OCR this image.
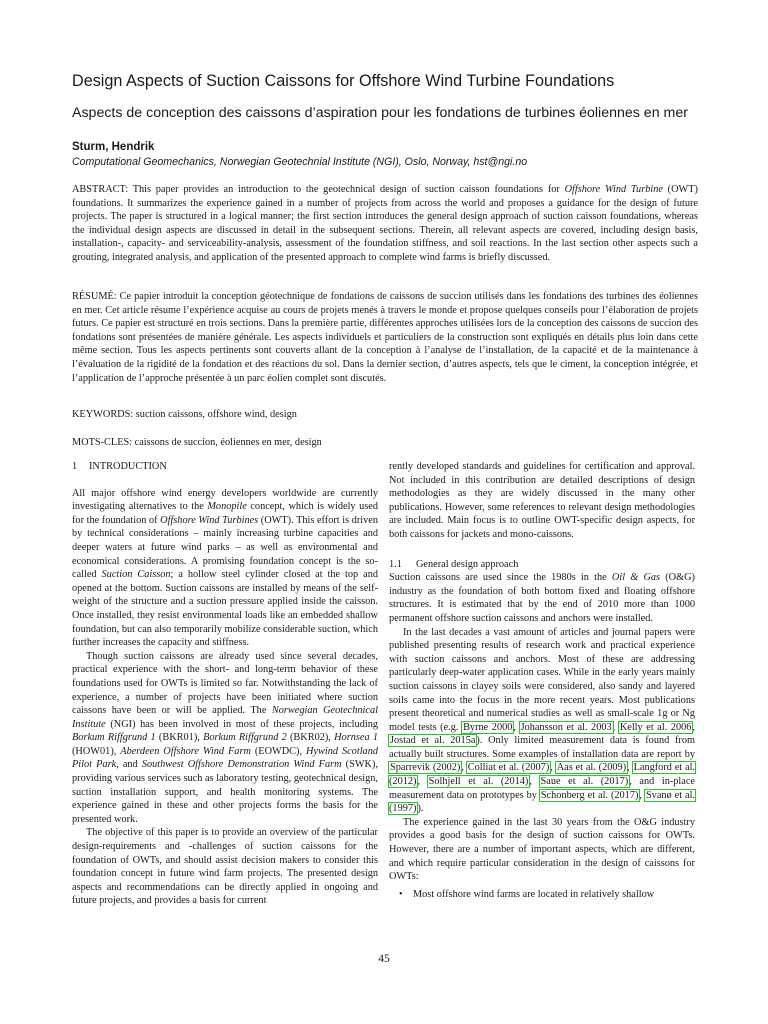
Design Aspects of Suction Caissons for Offshore Wind Turbine Foundations
Aspects de conception des caissons d’aspiration pour les fondations de turbines éoliennes en mer
Sturm, Hendrik
Computational Geomechanics, Norwegian Geotechnial Institute (NGI), Oslo, Norway, hst@ngi.no
ABSTRACT: This paper provides an introduction to the geotechnical design of suction caisson foundations for Offshore Wind Turbine (OWT) foundations. It summarizes the experience gained in a number of projects from across the world and proposes a guidance for the design of future projects. The paper is structured in a logical manner; the first section introduces the general design approach of suction caisson foundations, whereas the individual design aspects are discussed in detail in the subsequent sections. Therein, all relevant aspects are covered, including design basis, installation-, capacity- and serviceability-analysis, assessment of the foundation stiffness, and soil reactions. In the last section other aspects such a grouting, integrated analysis, and application of the presented approach to complete wind farms is briefly discussed.
RÉSUMÉ: Ce papier introduit la conception géotechnique de fondations de caissons de succion utilisés dans les fondations des turbines des éoliennes en mer. Cet article résume l’expérience acquise au cours de projets menés à travers le monde et propose quelques conseils pour l’élaboration de projets futurs. Ce papier est structuré en trois sections. Dans la première partie, différentes approches utilisées lors de la conception des caissons de succion des fondations sont présentées de manière générale. Les aspects individuels et particuliers de la construction sont expliqués en détails plus loin dans cette même section. Tous les aspects pertinents sont couverts allant de la conception à l’analyse de l’installation, de la capacité et de la maintenance à l’évaluation de la rigidité de la fondation et des réactions du sol. Dans la dernier section, d’autres aspects, tels que le ciment, la conception intégrée, et l’application de l’approche présentée à un parc éolien complet sont discutés.
KEYWORDS: suction caissons, offshore wind, design
MOTS-CLES: caissons de succion, éoliennes en mer, design

1 INTRODUCTION

All major offshore wind energy developers worldwide are currently investigating alternatives to the Monopile concept, which is widely used for the foundation of Offshore Wind Turbines (OWT). This effort is driven by technical considerations – mainly increasing turbine capacities and deeper waters at future wind parks – as well as environmental and economical considerations. A promising foundation concept is the so-called Suction Caisson; a hollow steel cylinder closed at the top and opened at the bottom. Suction caissons are installed by means of the self-weight of the structure and a suction pressure applied inside the caisson. Once installed, they resist environmental loads like an embedded shallow foundation, but can also temporarily mobilize considerable suction, which further increases the capacity and stiffness.

Though suction caissons are already used since several decades, practical experience with the short- and long-term behavior of these foundations used for OWTs is limited so far. Notwithstanding the lack of experience, a number of projects have been initiated where suction caissons have been or will be applied. The Norwegian Geotechnical Institute (NGI) has been involved in most of these projects, including Borkum Riffgrund 1 (BKR01), Borkum Riffgrund 2 (BKR02), Hornsea 1 (HOW01), Aberdeen Offshore Wind Farm (EOWDC), Hywind Scotland Pilot Park, and Southwest Offshore Demonstration Wind Farm (SWK), providing various services such as laboratory testing, geotechnical design, suction installation support, and health monitoring systems. The experience gained in these and other projects forms the basis for the presented work.

The objective of this paper is to provide an overview of the particular design-requirements and -challenges of suction caissons for the foundation of OWTs, and should assist decision makers to consider this foundation concept in future wind farm projects. The presented design aspects and recommendations can be directly applied in ongoing and future projects, and provides a basis for current

rently developed standards and guidelines for certification and approval. Not included in this contribution are detailed descriptions of design methodologies as they are widely discussed in the many other publications. However, some references to relevant design methodologies are included. Main focus is to outline OWT-specific design aspects, for both caissons for jackets and mono-caissons.

1.1 General design approach

Suction caissons are used since the 1980s in the Oil & Gas (O&G) industry as the foundation of both bottom fixed and floating offshore structures. It is estimated that by the end of 2010 more than 1000 permanent offshore suction caissons and anchors were installed.

In the last decades a vast amount of articles and journal papers were published presenting results of research work and practical experience with suction caissons and anchors. Most of these are addressing particularly deep-water application cases. While in the early years mainly suction caissons in clayey soils were considered, also sandy and layered soils came into the focus in the more recent years. Most publications present theoretical and numerical studies as well as small-scale 1g or Ng model tests (e.g. Byrne 2000, Johansson et al. 2003, Kelly et al. 2006, Jostad et al. 2015a). Only limited measurement data is found from actually built structures. Some examples of installation data are report by Sparrevik (2002), Colliat et al. (2007), Aas et al. (2009), Langford et al. (2012), Solhjell et al. (2014), Saue et al. (2017), and in-place measurement data on prototypes by Schonberg et al. (2017), Svanø et al. (1997)).

The experience gained in the last 30 years from the O&G industry provides a good basis for the design of suction caissons for OWTs. However, there are a number of important aspects, which are different, and which require particular consideration in the design of caissons for OWTs:

•	Most offshore wind farms are located in relatively shallow

45
